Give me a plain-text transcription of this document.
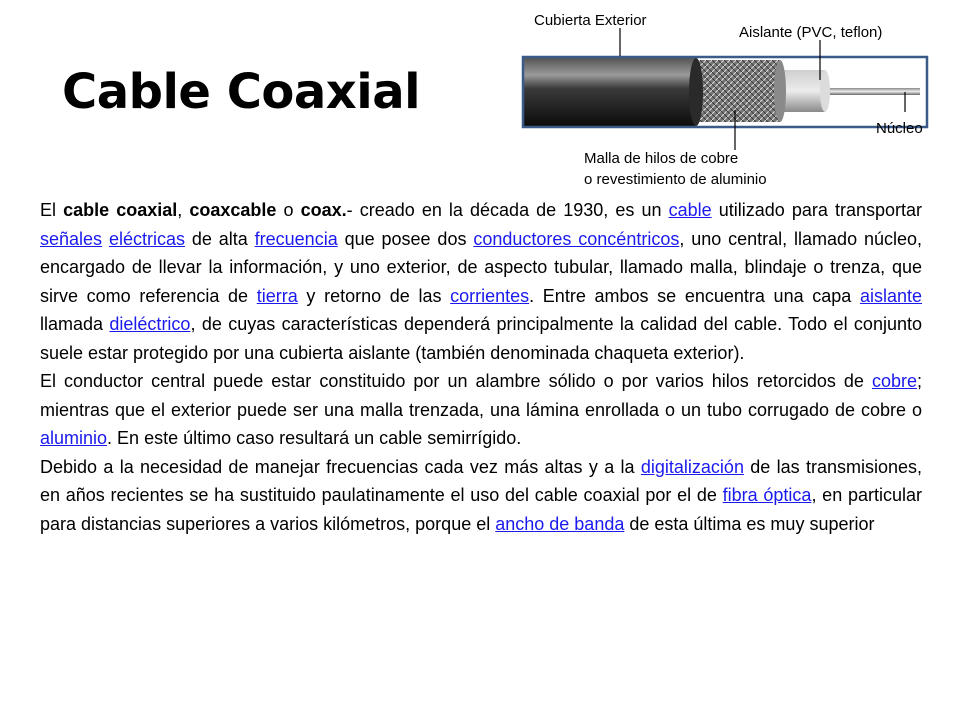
Cable Coaxial
Cubierta Exterior
Aislante (PVC, teflon)
Núcleo
Malla de hilos de cobre
o revestimiento de aluminio

El cable coaxial, coaxcable o coax.- creado en la década de 1930, es un cable utilizado para transportar señales eléctricas de alta frecuencia que posee dos conductores concéntricos, uno central, llamado núcleo, encargado de llevar la información, y uno exterior, de aspecto tubular, llamado malla, blindaje o trenza, que sirve como referencia de tierra y retorno de las corrientes. Entre ambos se encuentra una capa aislante llamada dieléctrico, de cuyas características dependerá principalmente la calidad del cable. Todo el conjunto suele estar protegido por una cubierta aislante (también denominada chaqueta exterior).

El conductor central puede estar constituido por un alambre sólido o por varios hilos retorcidos de cobre; mientras que el exterior puede ser una malla trenzada, una lámina enrollada o un tubo corrugado de cobre o aluminio. En este último caso resultará un cable semirrígido.

Debido a la necesidad de manejar frecuencias cada vez más altas y a la digitalización de las transmisiones, en años recientes se ha sustituido paulatinamente el uso del cable coaxial por el de fibra óptica, en particular para distancias superiores a varios kilómetros, porque el ancho de banda de esta última es muy superior
